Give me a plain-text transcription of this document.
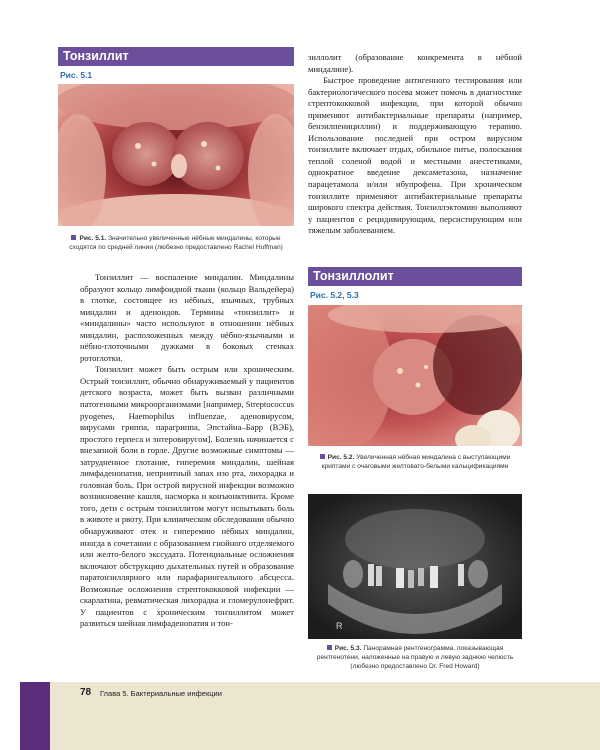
Тонзиллит
Рис. 5.1
Рис. 5.1. Значительно увеличенные нёбные миндалины, которые сходятся по средней линии (любезно предоставлено Rachel Huffman)

Тонзиллит — воспаление миндалин. Миндалины образуют кольцо лимфоидной ткани (кольцо Вальдейера) в глотке, состоящее из нёбных, язычных, трубных миндалин и аденоидов. Термины «тонзиллит» и «миндалины» часто используют в отношении нёбных миндалин, расположенных между нёбно-язычными и нёбно-глоточными дужками в боковых стенках ротоглотки.

Тонзиллит может быть острым или хроническим. Острый тонзиллит, обычно обнаруживаемый у пациентов детского возраста, может быть вызван различными патогенными микроорганизмами [например, Streptococcus pyogenes, Haemophilus influenzae, аденовирусом, вирусами гриппа, парагриппа, Эпстайна–Барр (ВЭБ), простого герпеса и энтеровирусом]. Болезнь начинается с внезапной боли в горле. Другие возможные симптомы — затрудненное глотание, гиперемия миндалин, шейная лимфаденопатия, неприятный запах изо рта, лихорадка и головная боль. При острой вирусной инфекции возможно возникновение кашля, насморка и конъюнктивита. Кроме того, дети с острым тонзиллитом могут испытывать боль в животе и рвоту. При клиническом обследовании обычно обнаруживают отек и гиперемию нёбных миндалин, иногда в сочетании с образованием гнойного отделяемого или желто-белого экссудата. Потенциальные осложнения включают обструкцию дыхательных путей и образование паратонзиллярного или парафарингеального абсцесса. Возможные осложнения стрептококковой инфекции — скарлатина, ревматическая лихорадка и гломерулонефрит. У пациентов с хроническим тонзиллитом может развиться шейная лимфаденопатия и тон-

зиллолит (образование конкремента в нёбной миндалине).

Быстрое проведение антигенного тестирования или бактериологического посева может помочь в диагностике стрептококковой инфекции, при которой обычно применяют антибактериальные препараты (например, бензилпенициллин) и поддерживающую терапию. Использование последней при остром вирусном тонзиллите включает отдых, обильное питье, полоскания теплой соленой водой и местными анестетиками, однократное введение дексаметазона, назначение парацетамола и/или ибупрофена. При хроническом тонзиллите применяют антибактериальные препараты широкого спектра действия. Тонзиллэктомию выполняют у пациентов с рецидивирующим, персистирующим или тяжелым заболеванием.

Тонзиллолит
Рис. 5.2, 5.3
Рис. 5.2. Увеличенная нёбная миндалина с выступающими криптами с очаговыми желтовато-белыми кальцификациями
R
Рис. 5.3. Панорамная рентгенограмма, показывающая рентгенотени, наложенные на правую и левую заднюю челюсть (любезно предоставлено Dr. Fred Howard)
78 Глава 5. Бактериальные инфекции
